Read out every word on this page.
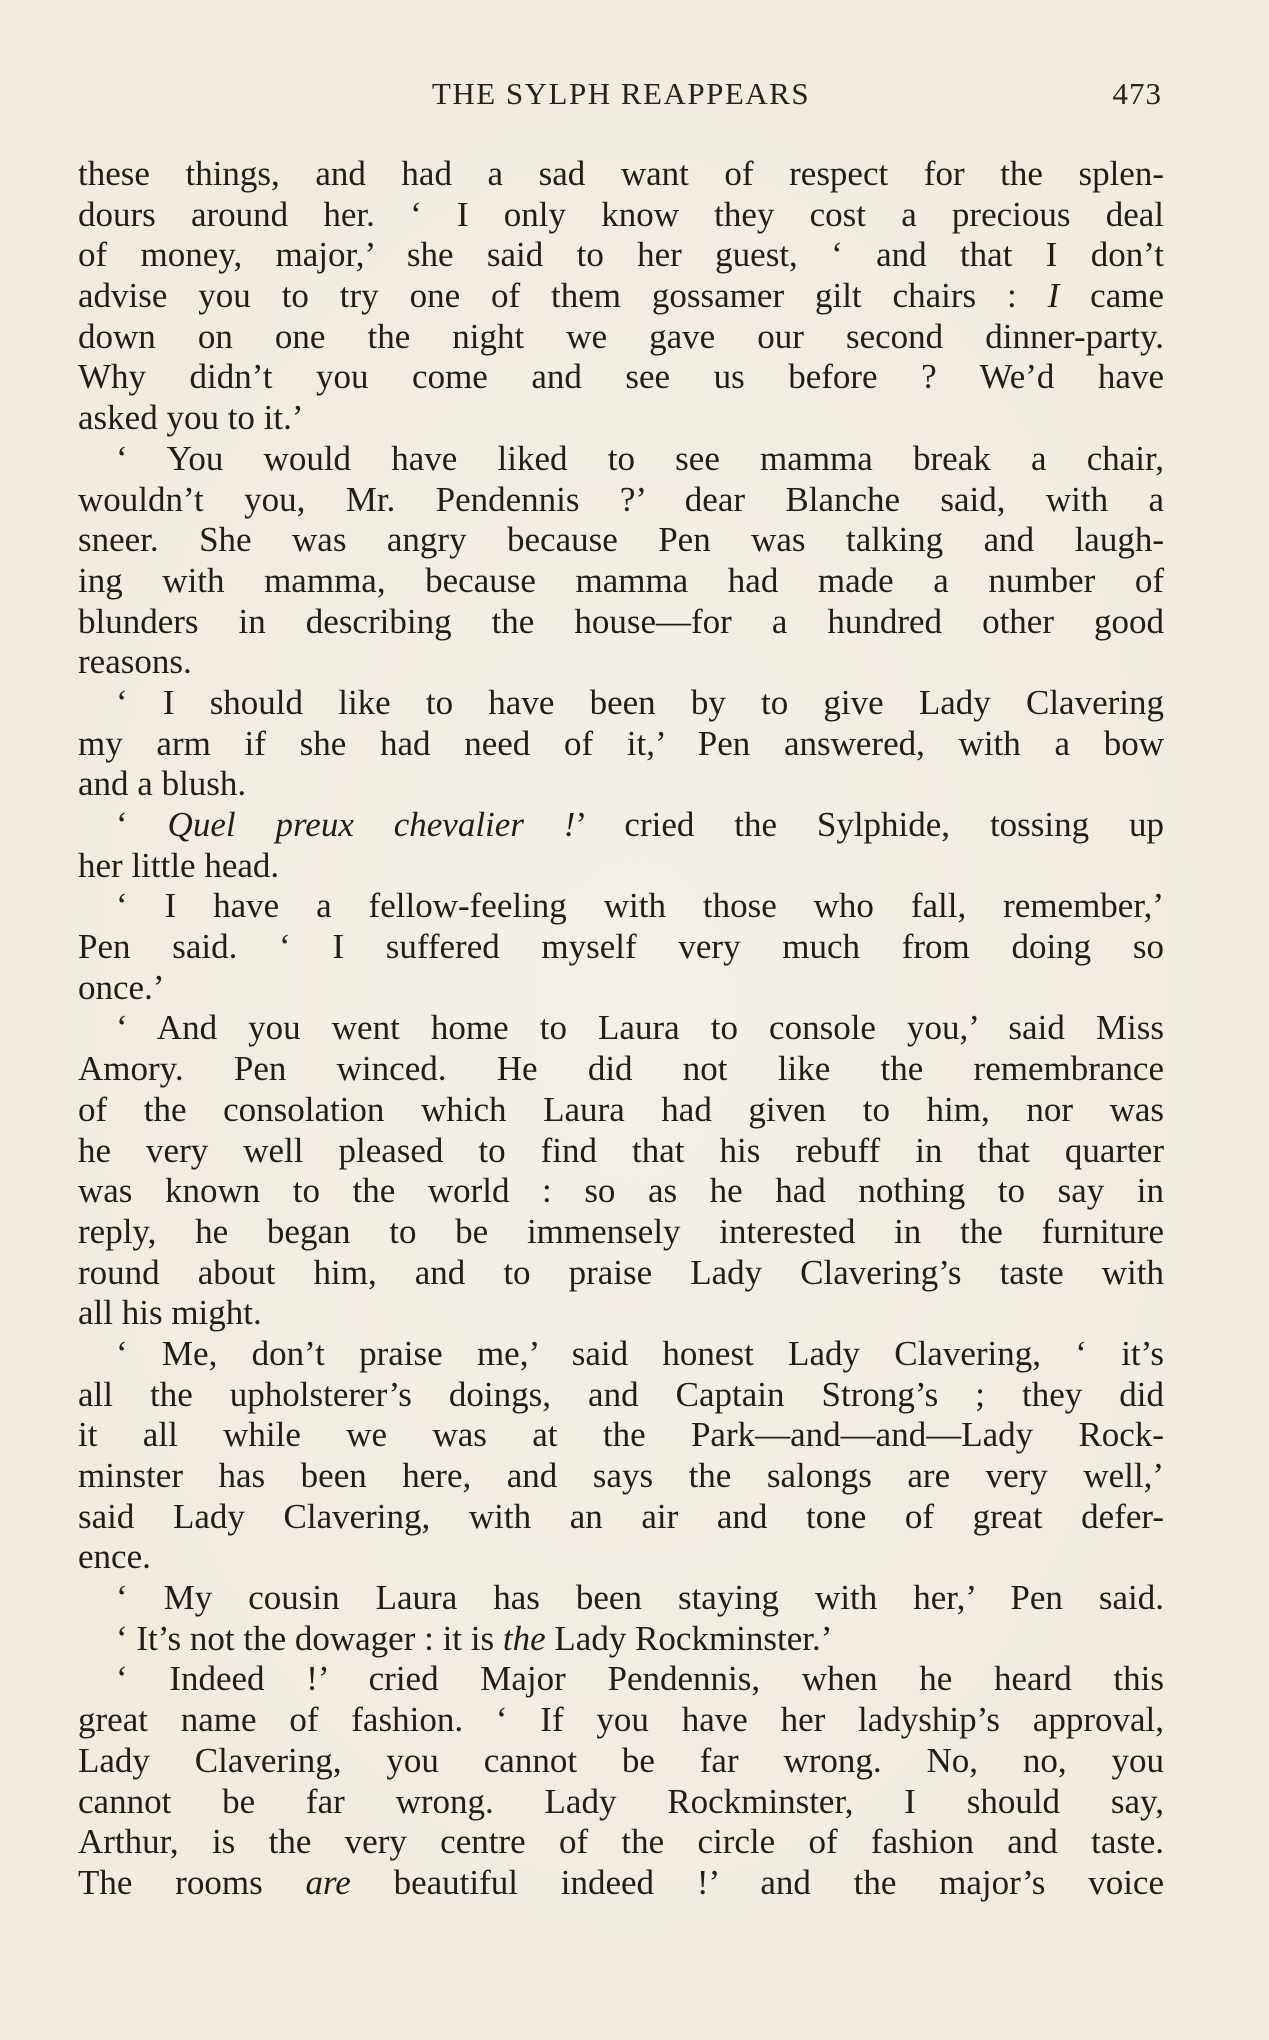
THE SYLPH REAPPEARS	473
these things, and had a sad want of respect for the splen-
dours around her. ‘ I only know they cost a precious deal
of money, major,’ she said to her guest, ‘ and that I don’t
advise you to try one of them gossamer gilt chairs : I came
down on one the night we gave our second dinner-party.
Why didn’t you come and see us before ? We’d have
asked you to it.’
‘ You would have liked to see mamma break a chair,
wouldn’t you, Mr. Pendennis ?’ dear Blanche said, with a
sneer. She was angry because Pen was talking and laugh-
ing with mamma, because mamma had made a number of
blunders in describing the house—for a hundred other good
reasons.
‘ I should like to have been by to give Lady Clavering
my arm if she had need of it,’ Pen answered, with a bow
and a blush.
‘ Quel preux chevalier !’ cried the Sylphide, tossing up
her little head.
‘ I have a fellow-feeling with those who fall, remember,’
Pen said. ‘ I suffered myself very much from doing so
once.’
‘ And you went home to Laura to console you,’ said Miss
Amory. Pen winced. He did not like the remembrance
of the consolation which Laura had given to him, nor was
he very well pleased to find that his rebuff in that quarter
was known to the world : so as he had nothing to say in
reply, he began to be immensely interested in the furniture
round about him, and to praise Lady Clavering’s taste with
all his might.
‘ Me, don’t praise me,’ said honest Lady Clavering, ‘ it’s
all the upholsterer’s doings, and Captain Strong’s ; they did
it all while we was at the Park—and—and—Lady Rock-
minster has been here, and says the salongs are very well,’
said Lady Clavering, with an air and tone of great defer-
ence.
‘ My cousin Laura has been staying with her,’ Pen said.
‘ It’s not the dowager : it is the Lady Rockminster.’
‘ Indeed !’ cried Major Pendennis, when he heard this
great name of fashion. ‘ If you have her ladyship’s approval,
Lady Clavering, you cannot be far wrong. No, no, you
cannot be far wrong. Lady Rockminster, I should say,
Arthur, is the very centre of the circle of fashion and taste.
The rooms are beautiful indeed !’ and the major’s voice
